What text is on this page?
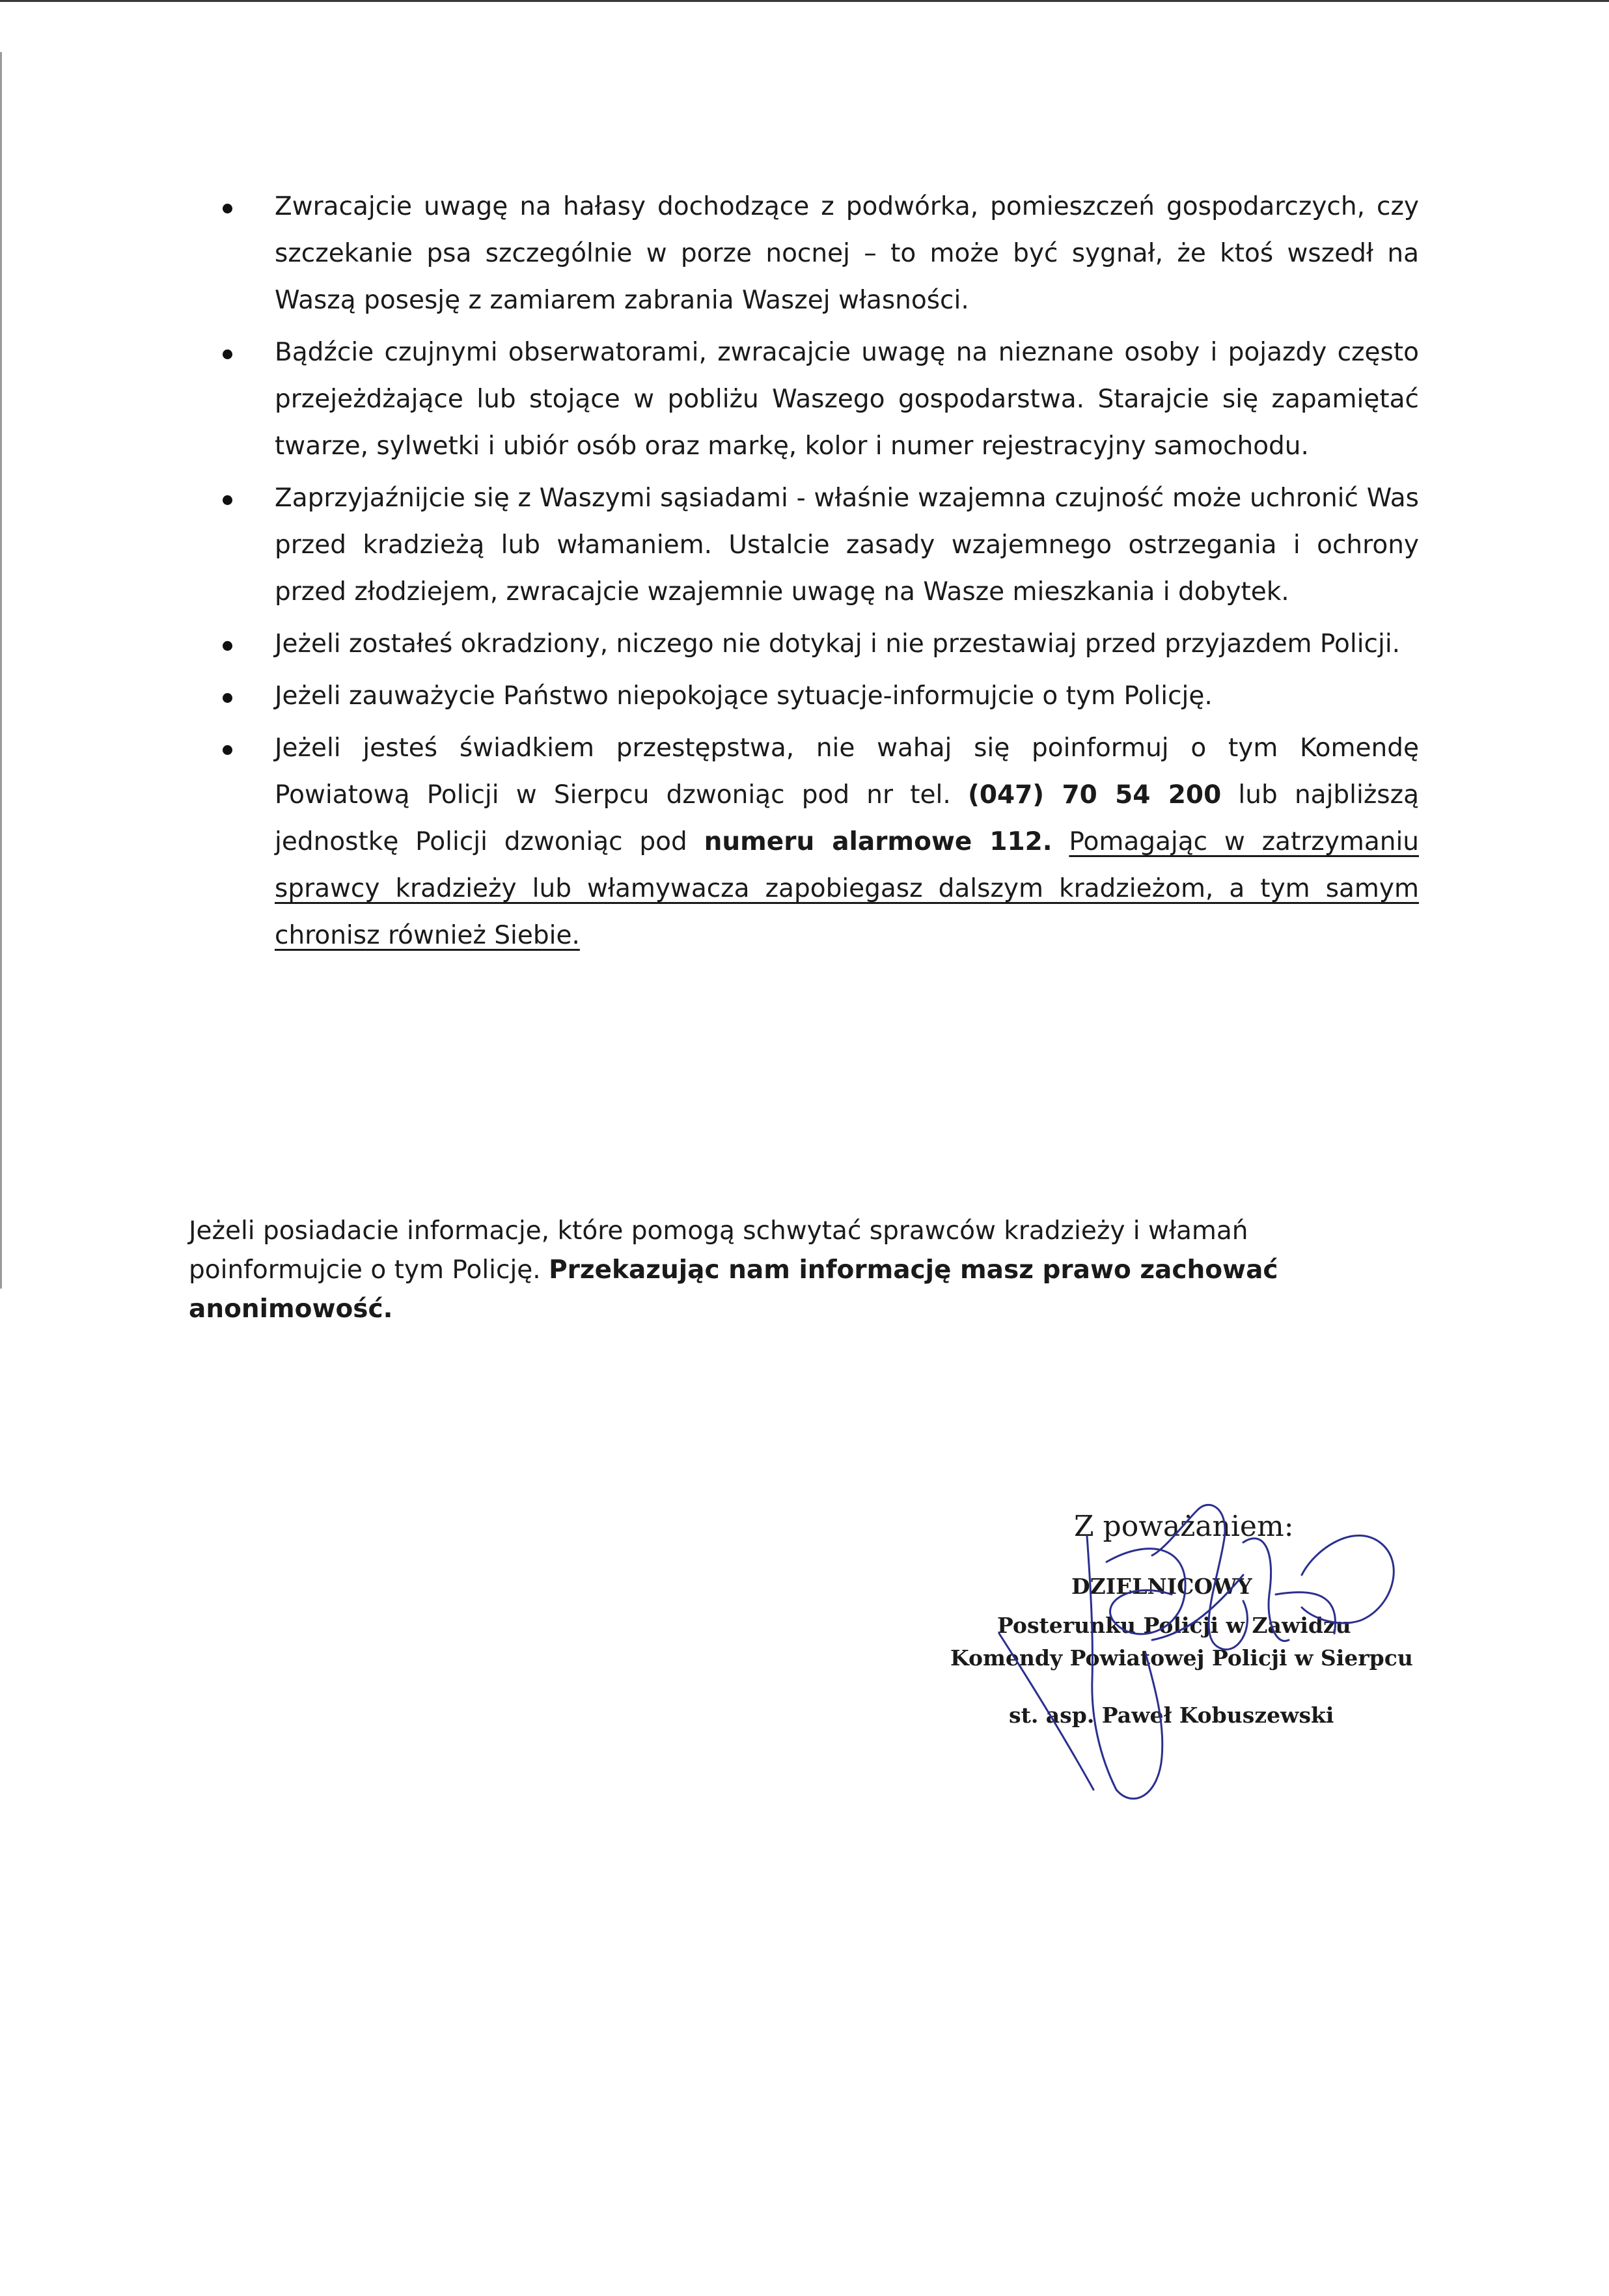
Zwracajcie uwagę na hałasy dochodzące z podwórka, pomieszczeń gospodarczych, czy szczekanie psa szczególnie w porze nocnej – to może być sygnał, że ktoś wszedł na Waszą posesję z zamiarem zabrania Waszej własności.
Bądźcie czujnymi obserwatorami, zwracajcie uwagę na nieznane osoby i pojazdy często przejeżdżające lub stojące w pobliżu Waszego gospodarstwa. Starajcie się zapamiętać twarze, sylwetki i ubiór osób oraz markę, kolor i numer rejestracyjny samochodu.
Zaprzyjaźnijcie się z Waszymi sąsiadami - właśnie wzajemna czujność może uchronić Was przed kradzieżą lub włamaniem. Ustalcie zasady wzajemnego ostrzegania i ochrony przed złodziejem, zwracajcie wzajemnie uwagę na Wasze mieszkania i dobytek.
Jeżeli zostałeś okradziony, niczego nie dotykaj i nie przestawiaj przed przyjazdem Policji.
Jeżeli zauważycie Państwo niepokojące sytuacje-informujcie o tym Policję.
Jeżeli jesteś świadkiem przestępstwa, nie wahaj się poinformuj o tym Komendę Powiatową Policji w Sierpcu dzwoniąc pod nr tel. (047) 70 54 200 lub najbliższą jednostkę Policji dzwoniąc pod numeru alarmowe 112. Pomagając w zatrzymaniu sprawcy kradzieży lub włamywacza zapobiegasz dalszym kradzieżom, a tym samym chronisz również Siebie.
Jeżeli posiadacie informacje, które pomogą schwytać sprawców kradzieży i włamań poinformujcie o tym Policję. Przekazując nam informację masz prawo zachować anonimowość.
Z poważaniem:
DZIELNICOWY
Posterunku Policji w Zawidzu
Komendy Powiatowej Policji w Sierpcu
st. asp. Paweł Kobuszewski
